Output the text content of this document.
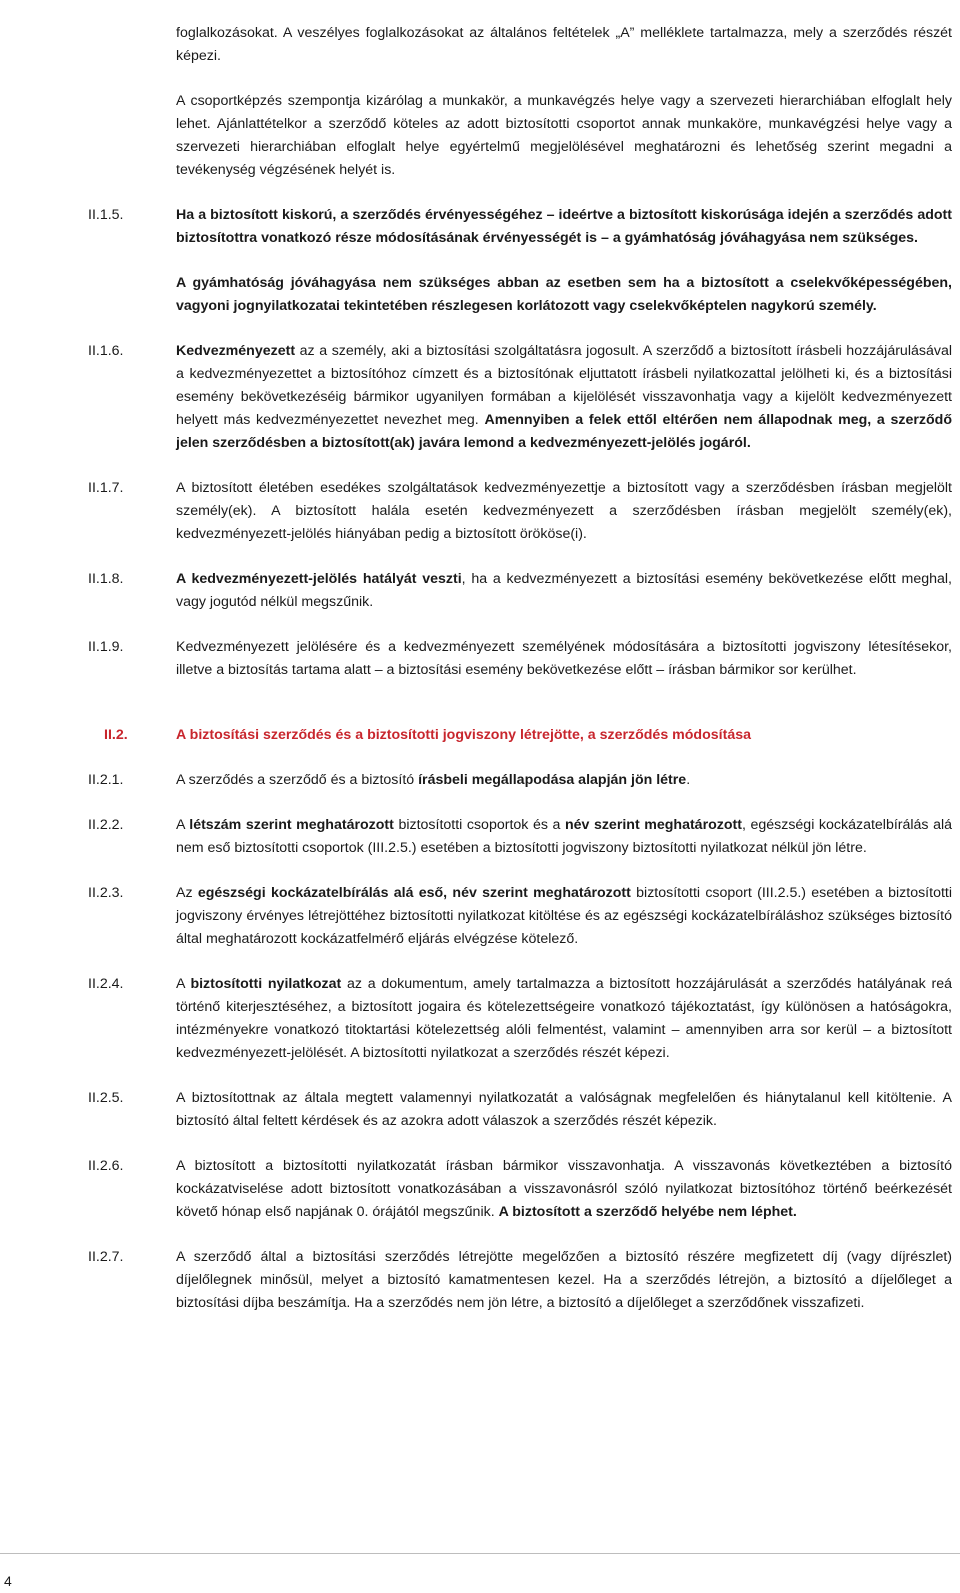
foglalkozásokat. A veszélyes foglalkozásokat az általános feltételek „A” melléklete tartalmazza, mely a szerződés részét képezi.

A csoportképzés szempontja kizárólag a munkakör, a munkavégzés helye vagy a szervezeti hierarchiában elfoglalt hely lehet. Ajánlattételkor a szerződő köteles az adott biztosítotti csoportot annak munkaköre, munkavégzési helye vagy a szervezeti hierarchiában elfoglalt helye egyértelmű megjelölésével meghatározni és lehetőség szerint megadni a tevékenység végzésének helyét is.

II.1.5.	Ha a biztosított kiskorú, a szerződés érvényességéhez – ideértve a biztosított kiskorúsága idején a szerződés adott biztosítottra vonatkozó része módosításának érvényességét is – a gyámhatóság jóváhagyása nem szükséges.

A gyámhatóság jóváhagyása nem szükséges abban az esetben sem ha a biztosított a cselekvőképességében, vagyoni jognyilatkozatai tekintetében részlegesen korlátozott vagy cselekvőképtelen nagykorú személy.

II.1.6.	Kedvezményezett az a személy, aki a biztosítási szolgáltatásra jogosult. A szerződő a biztosított írásbeli hozzájárulásával a kedvezményezettet a biztosítóhoz címzett és a biztosítónak eljuttatott írásbeli nyilatkozattal jelölheti ki, és a biztosítási esemény bekövetkezéséig bármikor ugyanilyen formában a kijelölését visszavonhatja vagy a kijelölt kedvezményezett helyett más kedvezményezettet nevezhet meg. Amennyiben a felek ettől eltérően nem állapodnak meg, a szerződő jelen szerződésben a biztosított(ak) javára lemond a kedvezményezett-jelölés jogáról.

II.1.7.	A biztosított életében esedékes szolgáltatások kedvezményezettje a biztosított vagy a szerződésben írásban megjelölt személy(ek). A biztosított halála esetén kedvezményezett a szerződésben írásban megjelölt személy(ek), kedvezményezett-jelölés hiányában pedig a biztosított örököse(i).

II.1.8.	A kedvezményezett-jelölés hatályát veszti, ha a kedvezményezett a biztosítási esemény bekövetkezése előtt meghal, vagy jogutód nélkül megszűnik.

II.1.9.	Kedvezményezett jelölésére és a kedvezményezett személyének módosítására a biztosítotti jogviszony létesítésekor, illetve a biztosítás tartama alatt – a biztosítási esemény bekövetkezése előtt – írásban bármikor sor kerülhet.

II.2.	A biztosítási szerződés és a biztosítotti jogviszony létrejötte, a szerződés módosítása
II.2.1.	A szerződés a szerződő és a biztosító írásbeli megállapodása alapján jön létre.

II.2.2.	A létszám szerint meghatározott biztosítotti csoportok és a név szerint meghatározott, egészségi kockázatelbírálás alá nem eső biztosítotti csoportok (III.2.5.) esetében a biztosítotti jogviszony biztosítotti nyilatkozat nélkül jön létre.

II.2.3.	Az egészségi kockázatelbírálás alá eső, név szerint meghatározott biztosítotti csoport (III.2.5.) esetében a biztosítotti jogviszony érvényes létrejöttéhez biztosítotti nyilatkozat kitöltése és az egészségi kockázatelbíráláshoz szükséges biztosító által meghatározott kockázatfelmérő eljárás elvégzése kötelező.

II.2.4.	A biztosítotti nyilatkozat az a dokumentum, amely tartalmazza a biztosított hozzájárulását a szerződés hatályának reá történő kiterjesztéséhez, a biztosított jogaira és kötelezettségeire vonatkozó tájékoztatást, így különösen a hatóságokra, intézményekre vonatkozó titoktartási kötelezettség alóli felmentést, valamint – amennyiben arra sor kerül – a biztosított kedvezményezett-jelölését. A biztosítotti nyilatkozat a szerződés részét képezi.

II.2.5.	A biztosítottnak az általa megtett valamennyi nyilatkozatát a valóságnak megfelelően és hiánytalanul kell kitöltenie. A biztosító által feltett kérdések és az azokra adott válaszok a szerződés részét képezik.

II.2.6.	A biztosított a biztosítotti nyilatkozatát írásban bármikor visszavonhatja. A visszavonás következtében a biztosító kockázatviselése adott biztosított vonatkozásában a visszavonásról szóló nyilatkozat biztosítóhoz történő beérkezését követő hónap első napjának 0. órájától megszűnik. A biztosított a szerződő helyébe nem léphet.

II.2.7.	A szerződő által a biztosítási szerződés létrejötte megelőzően a biztosító részére megfizetett díj (vagy díjrészlet) díjelőlegnek minősül, melyet a biztosító kamatmentesen kezel. Ha a szerződés létrejön, a biztosító a díjelőleget a biztosítási díjba beszámítja. Ha a szerződés nem jön létre, a biztosító a díjelőleget a szerződőnek visszafizeti.

4
